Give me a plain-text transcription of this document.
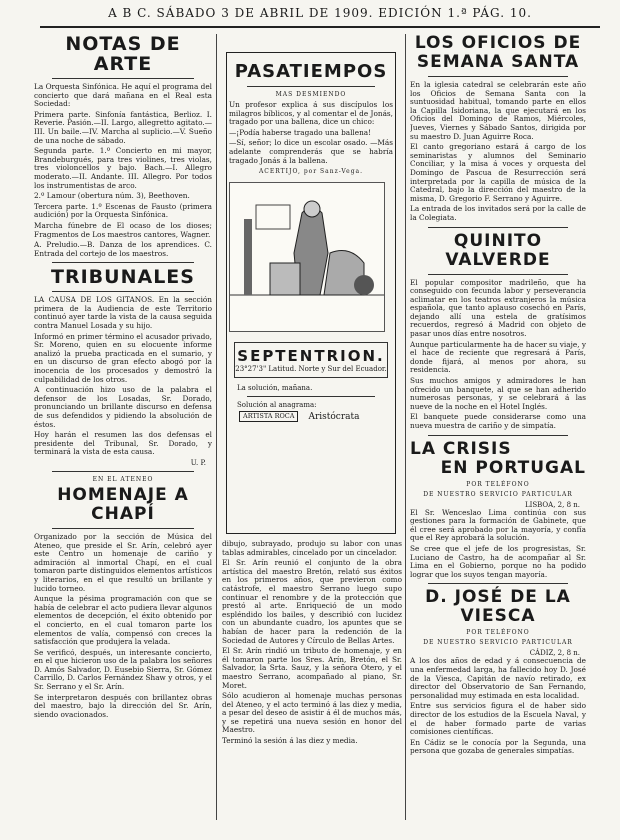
A B C. SÁBADO 3 DE ABRIL DE 1909. EDICIÓN 1.ª PÁG. 10.
NOTAS DE ARTE

La Orquesta Sinfónica. He aquí el programa del concierto que dará mañana en el Real esta Sociedad:

Primera parte. Sinfonía fantástica, Berlioz. I. Reverie. Pasión.—II. Largo, allegretto agitato.—III. Un baile.—IV. Marcha al suplicio.—V. Sueño de una noche de sábado.

Segunda parte. 1.º Concierto en mi mayor, Brandeburgués, para tres violines, tres violas, tres violoncellos y bajo. Bach.—I. Allegro moderato.—II. Andante. III. Allegro. Por todos los instrumentistas de arco.

2.º Lamour (obertura núm. 3), Beethoven.

Tercera parte. 1.º Escenas de Fausto (primera audición) por la Orquesta Sinfónica.

Marcha fúnebre de El ocaso de los dioses; Fragmentos de Los maestros cantores, Wagner.

A. Preludio.—B. Danza de los aprendices. C. Entrada del cortejo de los maestros.

TRIBUNALES

LA CAUSA DE LOS GITANOS. En la sección primera de la Audiencia de este Territorio continuó ayer tarde la vista de la causa seguida contra Manuel Losada y su hijo.

Informó en primer término el acusador privado, Sr. Moreno, quien en su elocuente informe analizó la prueba practicada en el sumario, y en un discurso de gran efecto abogó por la inocencia de los procesados y demostró la culpabilidad de los otros.

A continuación hizo uso de la palabra el defensor de los Losadas, Sr. Dorado, pronunciando un brillante discurso en defensa de sus defendidos y pidiendo la absolución de éstos.

Hoy harán el resumen las dos defensas el presidente del Tribunal, Sr. Dorado, y terminará la vista de esta causa.

U. P.
EN EL ATENEO
HOMENAJE A CHAPÍ

Organizado por la sección de Música del Ateneo, que preside el Sr. Arín, celebró ayer este Centro un homenaje de cariño y admiración al inmortal Chapí, en el cual tomaron parte distinguidos elementos artísticos y literarios, en el que resultó un brillante y lucido torneo.

Aunque la pésima programación con que se había de celebrar el acto pudiera llevar algunos elementos de decepción, el éxito obtenido por el concierto, en el cual tomaron parte los elementos de valía, compensó con creces la satisfacción que produjera la velada.

Se verificó, después, un interesante concierto, en el que hicieron uso de la palabra los señores D. Amós Salvador, D. Eusebio Sierra, Sr. Gómez Carrillo, D. Carlos Fernández Shaw y otros, y el Sr. Serrano y el Sr. Arín.

Se interpretaron después con brillantez obras del maestro, bajo la dirección del Sr. Arín, siendo ovacionados.

PASATIEMPOS
MAS DESMIENDO

Un profesor explica á sus discípulos los milagros bíblicos, y al comentar el de Jonás, tragado por una ballena, dice un chico:

—¡Podía haberse tragado una ballena!

—Sí, señor; lo dice un escolar osado. —Más adelante comprenderás que se habría tragado Jonás á la ballena.

ACERTIJO, por Sanz-Vega.
SEPTENTRION.
23°27'3" Latitud. Norte y Sur del Ecuador.
La solución, mañana.
Solución al anagrama:
ARTISTA ROCA	Aristócrata

dibujo, subrayado, produjo su labor con unas tablas admirables, cincelado por un cincelador.

El Sr. Arín reunió el conjunto de la obra artística del maestro Bretón, relató sus éxitos en los primeros años, que previeron como catástrofe, el maestro Serrano luego supo continuar el renombre y de la protección que prestó al arte. Enriqueció de un modo espléndido los bailes, y describió con lucidez con un abundante cuadro, los apuntes que se habían de hacer para la redención de la Sociedad de Autores y Círculo de Bellas Artes.

El Sr. Arín rindió un tributo de homenaje, y en él tomaron parte los Sres. Arín, Bretón, el Sr. Salvador, la Srta. Sauz, y la señora Otero, y el maestro Serrano, acompañado al piano, Sr. Moret.

Sólo acudieron al homenaje muchas personas del Ateneo, y el acto terminó á las diez y media, a pesar del deseo de asistir á él de muchos más, y se repetirá una nueva sesión en honor del Maestro.

Terminó la sesión á las diez y media.

LOS OFICIOS DE SEMANA SANTA

En la iglesia catedral se celebrarán este año los Oficios de Semana Santa con la suntuosidad habitual, tomando parte en ellos la Capilla Isidoriana, la que ejecutará en los Oficios del Domingo de Ramos, Miércoles, Jueves, Viernes y Sábado Santos, dirigida por su maestro D. Juan Aguirre Roca.

El canto gregoriano estará á cargo de los seminaristas y alumnos del Seminario Conciliar, y la misa á voces y orquesta del Domingo de Pascua de Resurrección será interpretada por la capilla de música de la Catedral, bajo la dirección del maestro de la misma, D. Gregorio F. Serrano y Aguirre.

La entrada de los invitados será por la calle de la Colegiata.

QUINITO VALVERDE

El popular compositor madrileño, que ha conseguido con fecunda labor y perseverancia aclimatar en los teatros extranjeros la música española, que tanto aplauso cosechó en París, dejando allí una estela de gratísimos recuerdos, regresó á Madrid con objeto de pasar unos días entre nosotros.

Aunque particularmente ha de hacer su viaje, y el hace de reciente que regresará á París, donde fijará, al menos por ahora, su residencia.

Sus muchos amigos y admiradores le han ofrecido un banquete, al que se han adherido numerosas personas, y se celebrará á las nueve de la noche en el Hotel Inglés.

El banquete puede considerarse como una nueva muestra de cariño y de simpatía.

LA CRISIS
EN PORTUGAL
POR TELÉFONO
DE NUESTRO SERVICIO PARTICULAR
LISBOA, 2, 8 n.

El Sr. Wenceslao Lima continúa con sus gestiones para la formación de Gabinete, que él cree será aprobado por la mayoría, y confía que el Rey aprobará la solución.

Se cree que el jefe de los progresistas, Sr. Luciano de Castro, ha de acompañar al Sr. Lima en el Gobierno, porque no ha podido lograr que los suyos tengan mayoría.

D. JOSÉ DE LA VIESCA
POR TELÉFONO
DE NUESTRO SERVICIO PARTICULAR
CÁDIZ, 2, 8 n.

A los dos años de edad y á consecuencia de una enfermedad larga, ha fallecido hoy D. José de la Viesca, Capitán de navío retirado, ex director del Observatorio de San Fernando, personalidad muy estimada en esta localidad.

Entre sus servicios figura el de haber sido director de los estudios de la Escuela Naval, y el de haber formado parte de varias comisiones científicas.

En Cádiz se le conocía por la Segunda, una persona que gozaba de generales simpatías.
